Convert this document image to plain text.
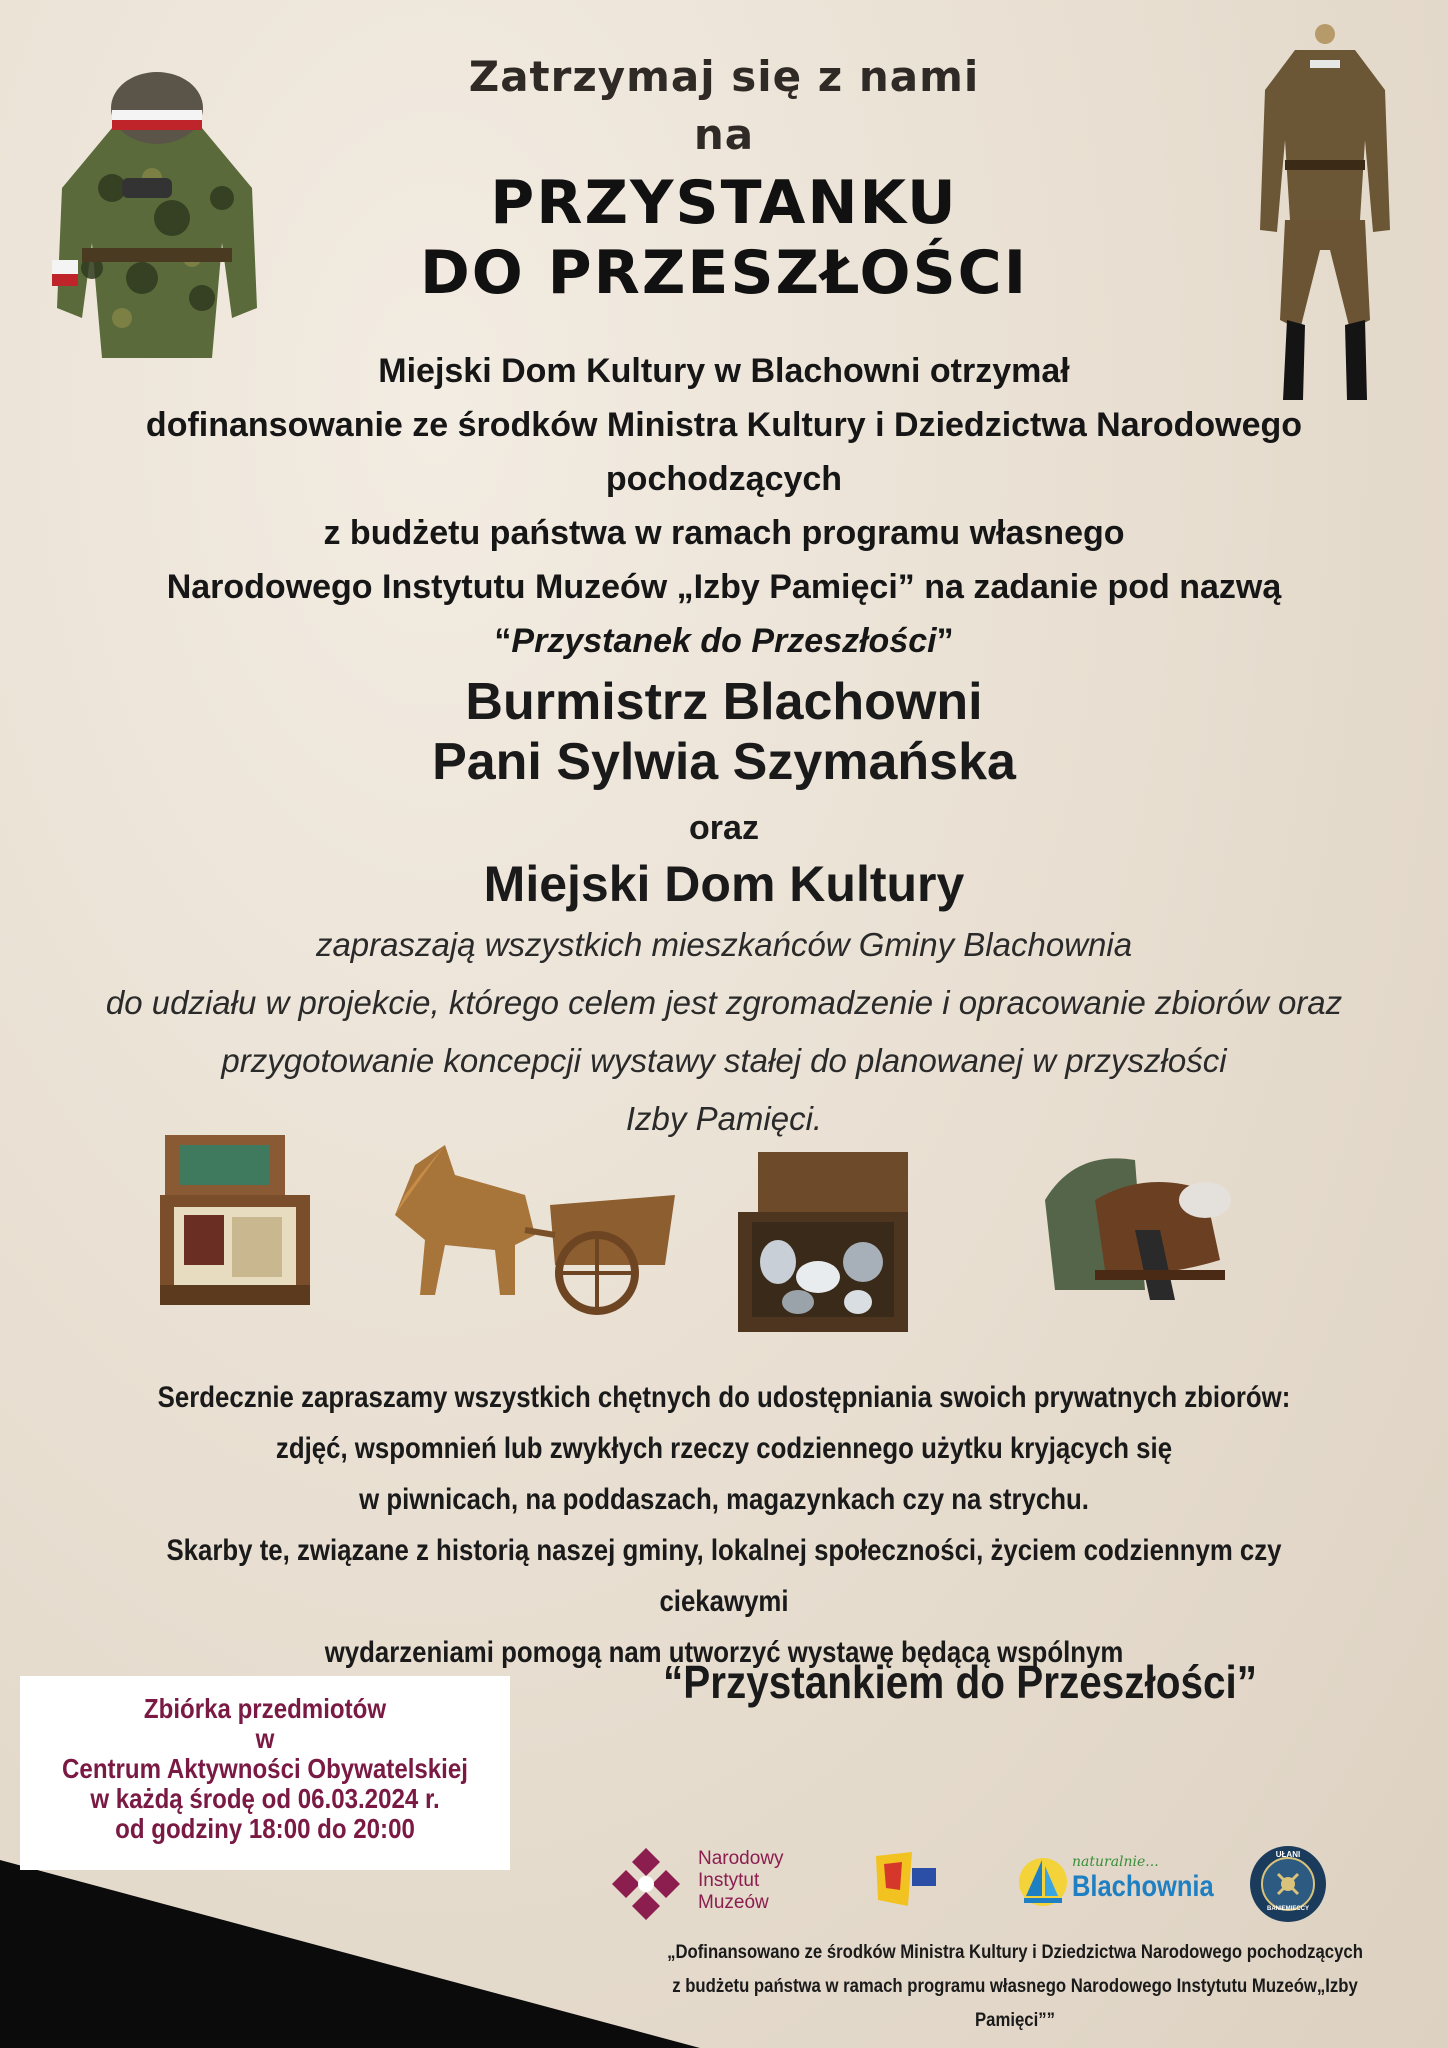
Zatrzymaj się z nami
na
PRZYSTANKU
DO PRZESZŁOŚCI
Miejski Dom Kultury w Blachowni otrzymał
dofinansowanie ze środków Ministra Kultury i Dziedzictwa Narodowego
pochodzących
z budżetu państwa w ramach programu własnego
Narodowego Instytutu Muzeów „Izby Pamięci” na zadanie pod nazwą
“Przystanek do Przeszłości”
Burmistrz Blachowni
Pani Sylwia Szymańska
oraz
Miejski Dom Kultury
zapraszają wszystkich mieszkańców Gminy Blachownia
do udziału w projekcie, którego celem jest zgromadzenie i opracowanie zbiorów oraz
przygotowanie koncepcji wystawy stałej do planowanej w przyszłości
Izby Pamięci.
Serdecznie zapraszamy wszystkich chętnych do udostępniania swoich prywatnych zbiorów:
zdjęć, wspomnień lub zwykłych rzeczy codziennego użytku kryjących się
w piwnicach, na poddaszach, magazynkach czy na strychu.
Skarby te, związane z historią naszej gminy, lokalnej społeczności, życiem codziennym czy ciekawymi
wydarzeniami pomogą nam utworzyć wystawę będącą wspólnym
“Przystankiem do Przeszłości”
Zbiórka przedmiotów
w
Centrum Aktywności Obywatelskiej
w każdą środę od 06.03.2024 r.
od godziny 18:00 do 20:00
Narodowy
Instytut
Muzeów
naturalnie...
Blachownia
UŁANI
BANIEMIECCY
„Dofinansowano ze środków Ministra Kultury i Dziedzictwa Narodowego pochodzących
z budżetu państwa w ramach programu własnego Narodowego Instytutu Muzeów„Izby Pamięci””
